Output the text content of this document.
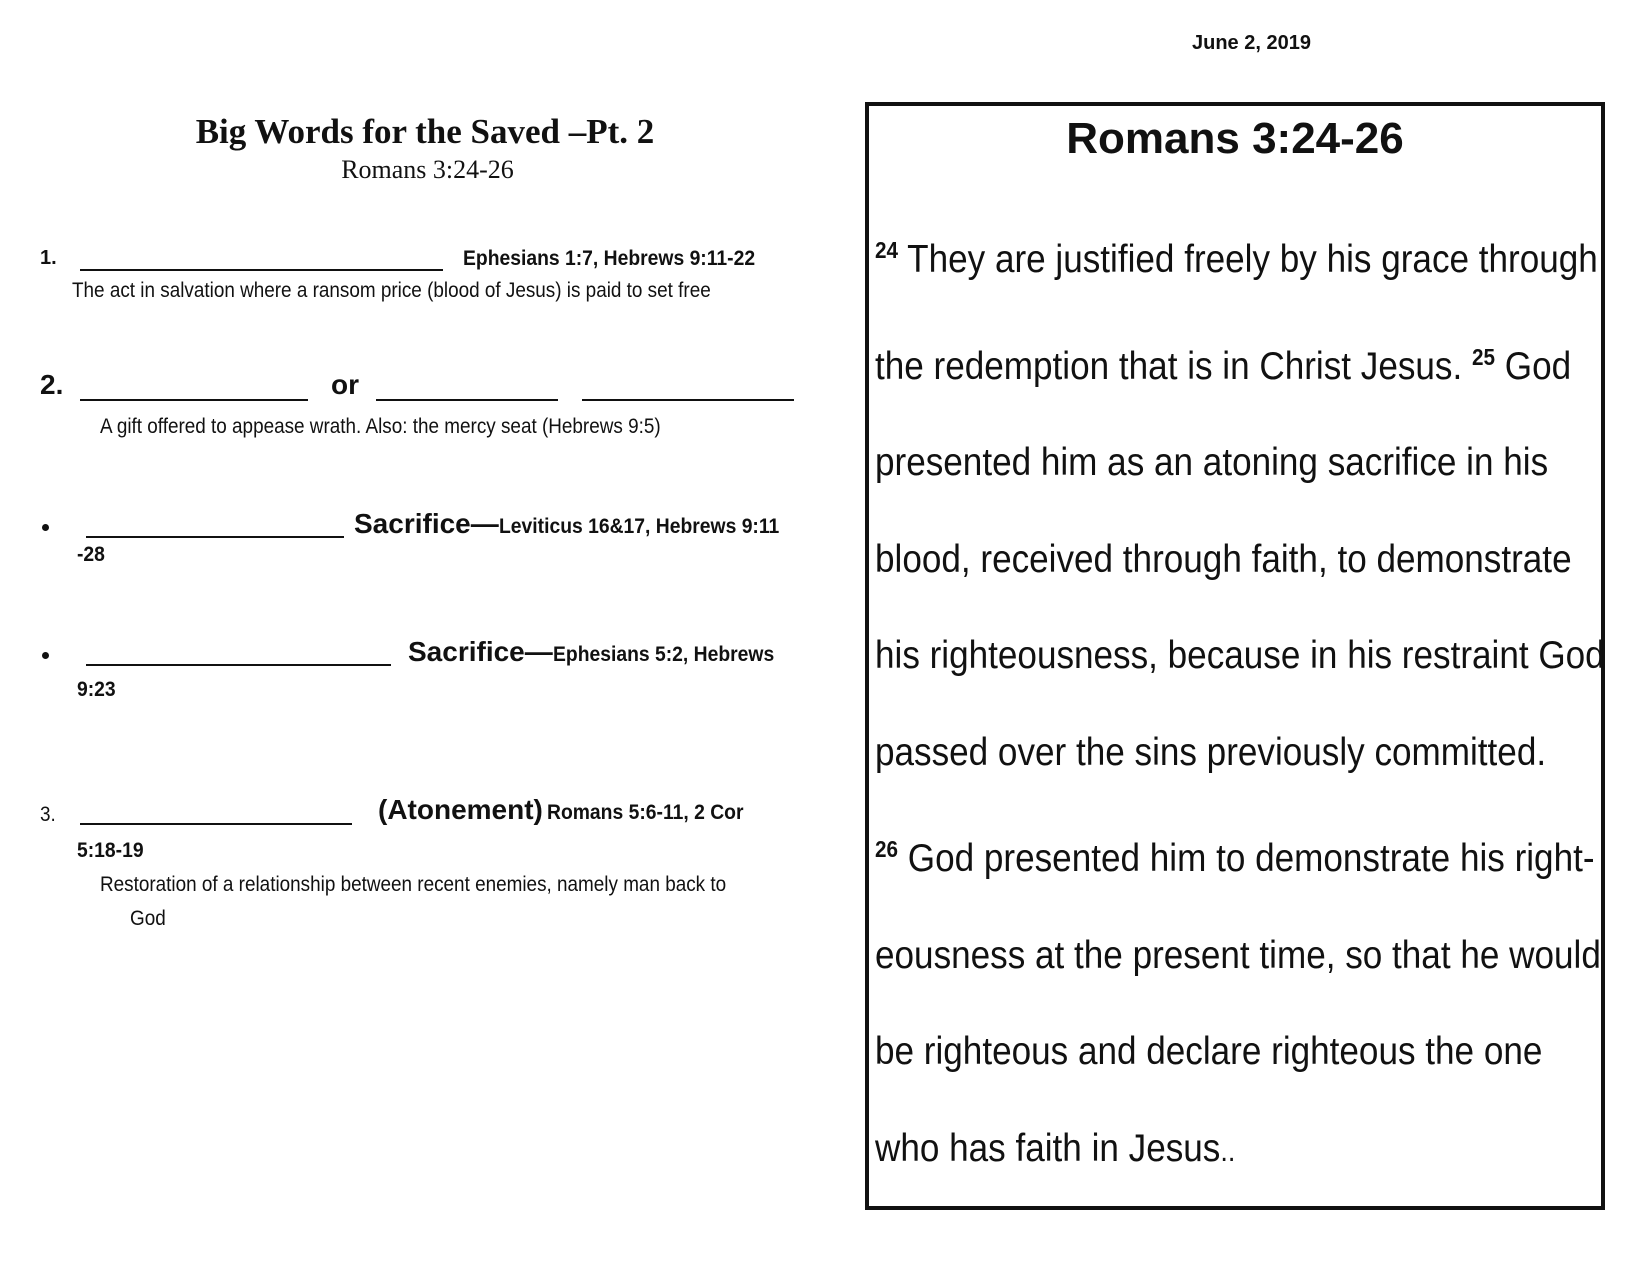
June 2, 2019
Big Words for the Saved –Pt. 2
Romans 3:24-26
1.	Ephesians 1:7, Hebrews 9:11-22
The act in salvation where a ransom price (blood of Jesus) is paid to set free
2.	or
A gift offered to appease wrath. Also: the mercy seat (Hebrews 9:5)
Sacrifice—Leviticus 16&17, Hebrews 9:11
-28
Sacrifice—Ephesians 5:2, Hebrews
9:23
3.	(Atonement) Romans 5:6-11, 2 Cor
5:18-19
Restoration of a relationship between recent enemies, namely man back to
God
Romans 3:24-26
$^{24}$ They are justified freely by his grace through
the redemption that is in Christ Jesus. $^{25}$ God
presented him as an atoning sacrifice in his
blood, received through faith, to demonstrate
his righteousness, because in his restraint God
passed over the sins previously committed.
$^{26}$ God presented him to demonstrate his right-
eousness at the present time, so that he would
be righteous and declare righteous the one
who has faith in Jesus..
